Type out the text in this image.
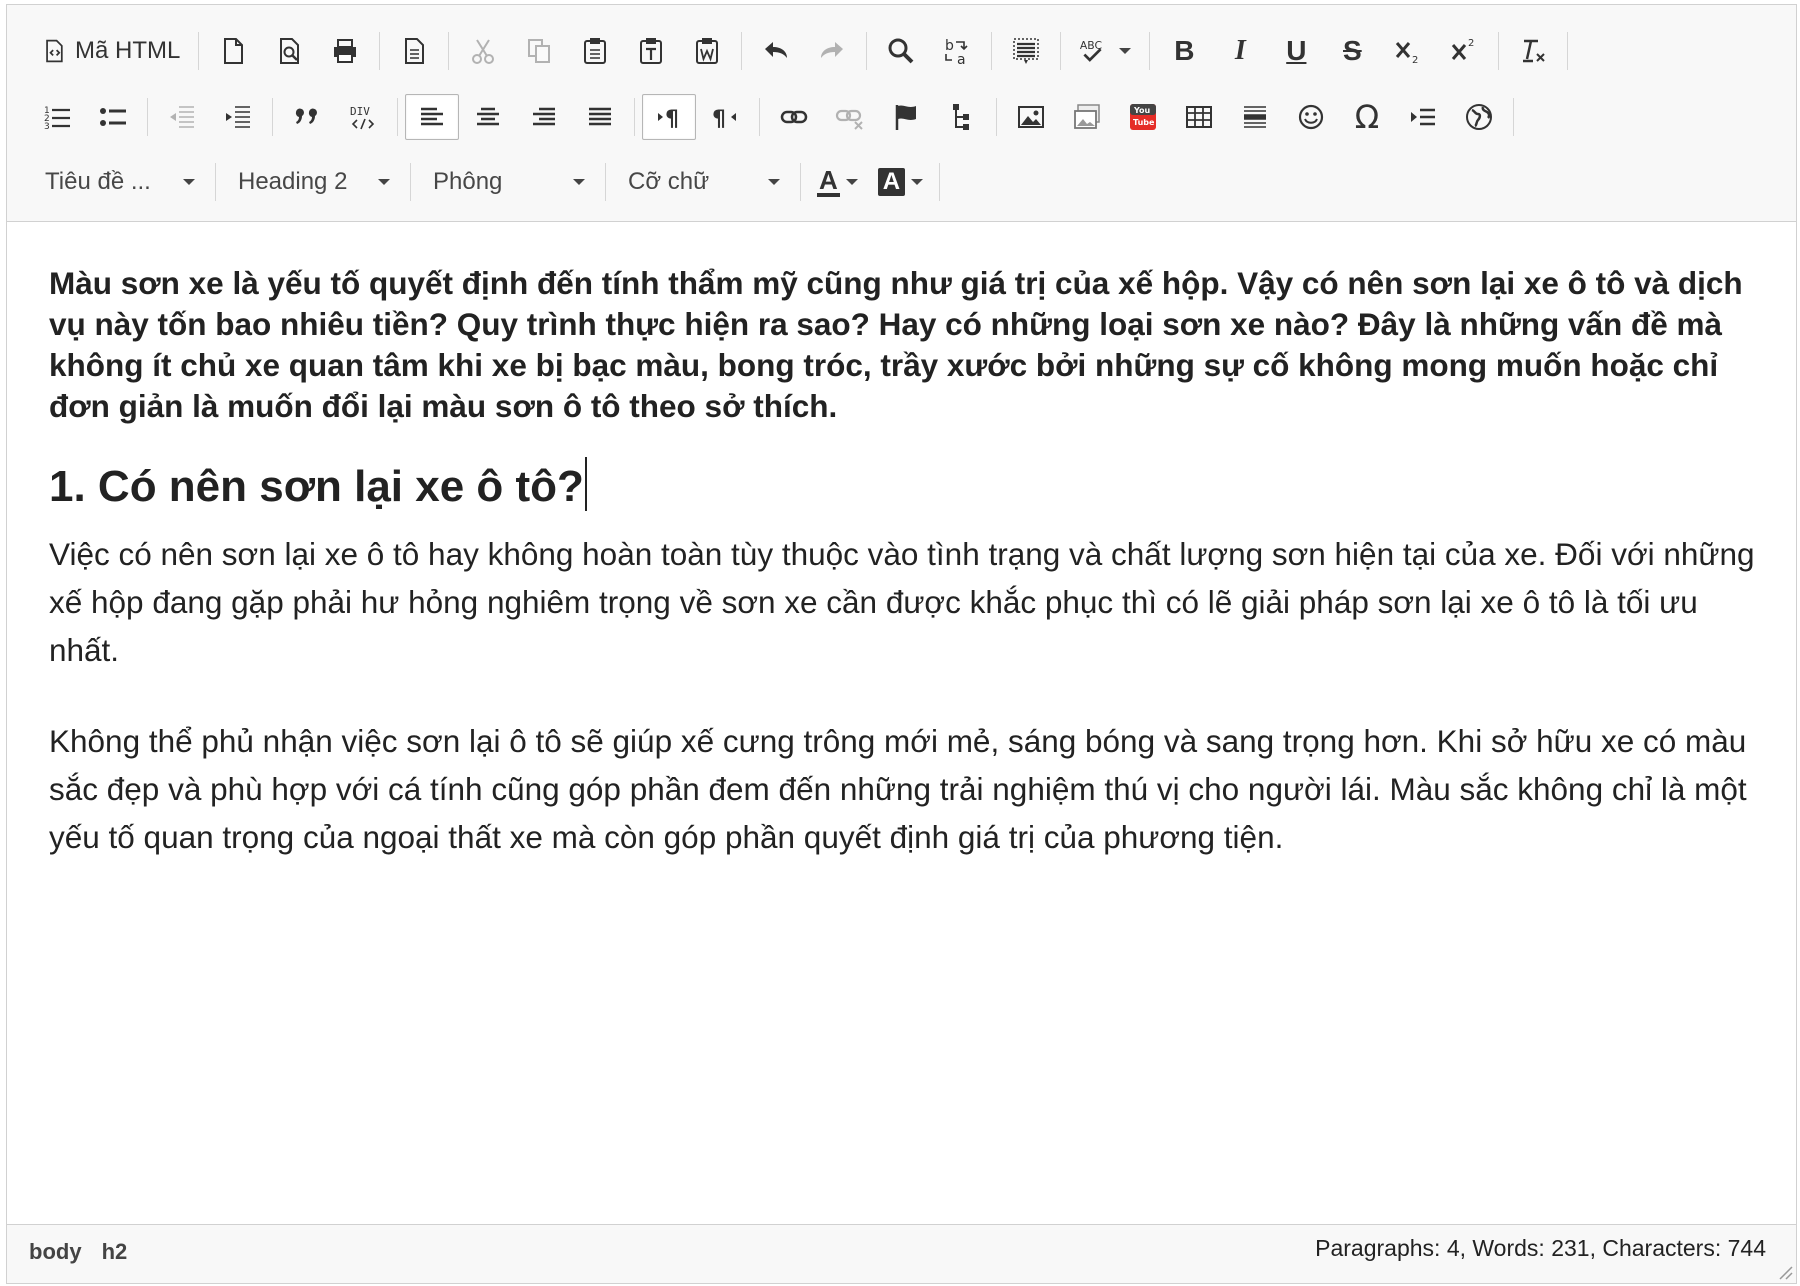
Mã HTML	b
a
ABC	B I U S	2
2
1
2
3
DIV	¶ ¶	You
Tube	Ω
Tiêu đề ...	Heading 2	Phông	Cỡ chữ	A A

Màu sơn xe là yếu tố quyết định đến tính thẩm mỹ cũng như giá trị của xế hộp. Vậy có nên sơn lại xe ô tô và dịch vụ này tốn bao nhiêu tiền? Quy trình thực hiện ra sao? Hay có những loại sơn xe nào? Đây là những vấn đề mà không ít chủ xe quan tâm khi xe bị bạc màu, bong tróc, trầy xước bởi những sự cố không mong muốn hoặc chỉ đơn giản là muốn đổi lại màu sơn ô tô theo sở thích.

1. Có nên sơn lại xe ô tô?

Việc có nên sơn lại xe ô tô hay không hoàn toàn tùy thuộc vào tình trạng và chất lượng sơn hiện tại của xe. Đối với những xế hộp đang gặp phải hư hỏng nghiêm trọng về sơn xe cần được khắc phục thì có lẽ giải pháp sơn lại xe ô tô là tối ưu nhất.

Không thể phủ nhận việc sơn lại ô tô sẽ giúp xế cưng trông mới mẻ, sáng bóng và sang trọng hơn. Khi sở hữu xe có màu sắc đẹp và phù hợp với cá tính cũng góp phần đem đến những trải nghiệm thú vị cho người lái. Màu sắc không chỉ là một yếu tố quan trọng của ngoại thất xe mà còn góp phần quyết định giá trị của phương tiện.

body h2	Paragraphs: 4, Words: 231, Characters: 744
